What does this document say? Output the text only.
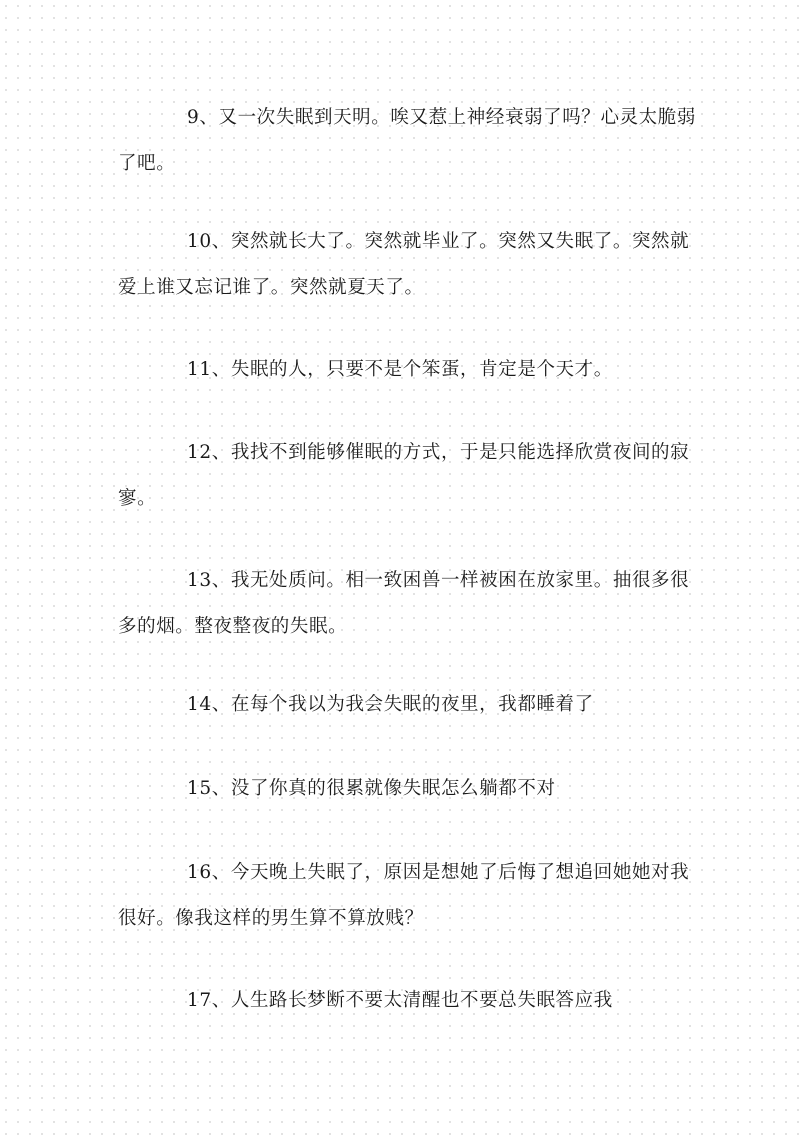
9、又一次失眠到天明。唉又惹上神经衰弱了吗？心灵太脆弱了吧。

10、突然就长大了。突然就毕业了。突然又失眠了。突然就爱上谁又忘记谁了。突然就夏天了。

11、失眠的人，只要不是个笨蛋，肯定是个天才。

12、我找不到能够催眠的方式，于是只能选择欣赏夜间的寂寥。

13、我无处质问。相一致困兽一样被困在放家里。抽很多很多的烟。整夜整夜的失眠。

14、在每个我以为我会失眠的夜里，我都睡着了

15、没了你真的很累就像失眠怎么躺都不对

16、今天晚上失眠了，原因是想她了后悔了想追回她她对我很好。像我这样的男生算不算放贱？

17、人生路长梦断不要太清醒也不要总失眠答应我
